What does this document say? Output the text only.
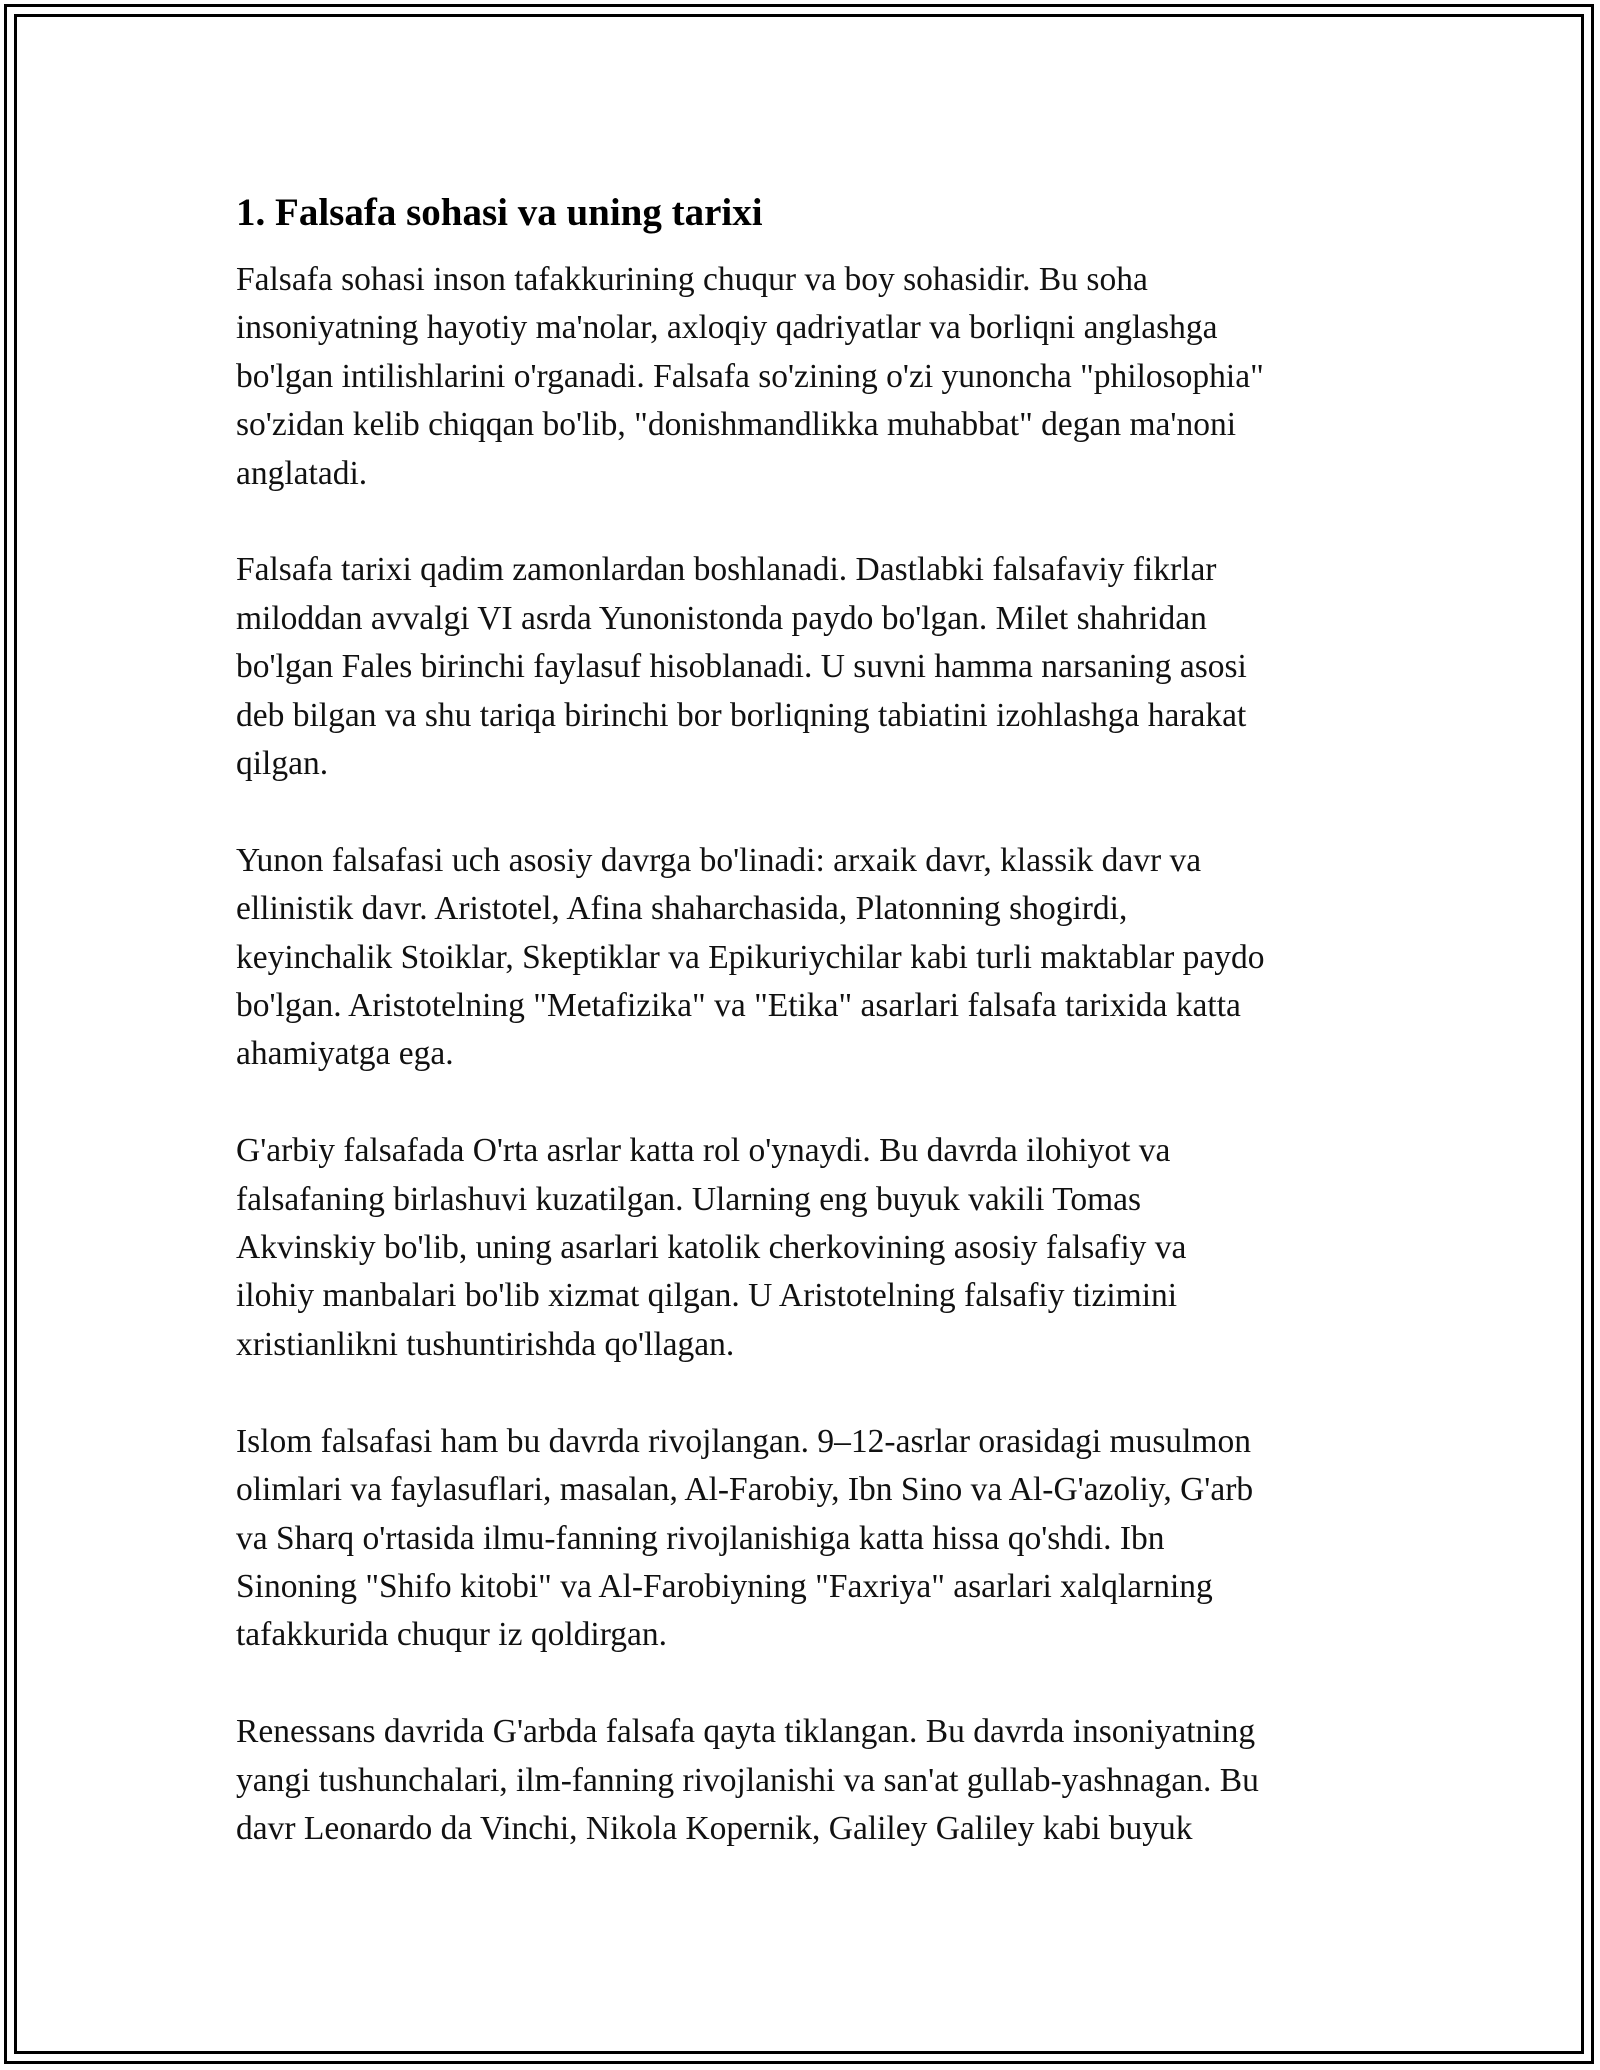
1. Falsafa sohasi va uning tarixi

Falsafa sohasi inson tafakkurining chuqur va boy sohasidir. Bu soha
insoniyatning hayotiy ma'nolar, axloqiy qadriyatlar va borliqni anglashga
bo'lgan intilishlarini o'rganadi. Falsafa so'zining o'zi yunoncha "philosophia"
so'zidan kelib chiqqan bo'lib, "donishmandlikka muhabbat" degan ma'noni
anglatadi.

Falsafa tarixi qadim zamonlardan boshlanadi. Dastlabki falsafaviy fikrlar
miloddan avvalgi VI asrda Yunonistonda paydo bo'lgan. Milet shahridan
bo'lgan Fales birinchi faylasuf hisoblanadi. U suvni hamma narsaning asosi
deb bilgan va shu tariqa birinchi bor borliqning tabiatini izohlashga harakat
qilgan.

Yunon falsafasi uch asosiy davrga bo'linadi: arxaik davr, klassik davr va
ellinistik davr. Aristotel, Afina shaharchasida, Platonning shogirdi,
keyinchalik Stoiklar, Skeptiklar va Epikuriychilar kabi turli maktablar paydo
bo'lgan. Aristotelning "Metafizika" va "Etika" asarlari falsafa tarixida katta
ahamiyatga ega.

G'arbiy falsafada O'rta asrlar katta rol o'ynaydi. Bu davrda ilohiyot va
falsafaning birlashuvi kuzatilgan. Ularning eng buyuk vakili Tomas
Akvinskiy bo'lib, uning asarlari katolik cherkovining asosiy falsafiy va
ilohiy manbalari bo'lib xizmat qilgan. U Aristotelning falsafiy tizimini
xristianlikni tushuntirishda qo'llagan.

Islom falsafasi ham bu davrda rivojlangan. 9–12-asrlar orasidagi musulmon
olimlari va faylasuflari, masalan, Al-Farobiy, Ibn Sino va Al-G'azoliy, G'arb
va Sharq o'rtasida ilmu-fanning rivojlanishiga katta hissa qo'shdi. Ibn
Sinoning "Shifo kitobi" va Al-Farobiyning "Faxriya" asarlari xalqlarning
tafakkurida chuqur iz qoldirgan.

Renessans davrida G'arbda falsafa qayta tiklangan. Bu davrda insoniyatning
yangi tushunchalari, ilm-fanning rivojlanishi va san'at gullab-yashnagan. Bu
davr Leonardo da Vinchi, Nikola Kopernik, Galiley Galiley kabi buyuk
